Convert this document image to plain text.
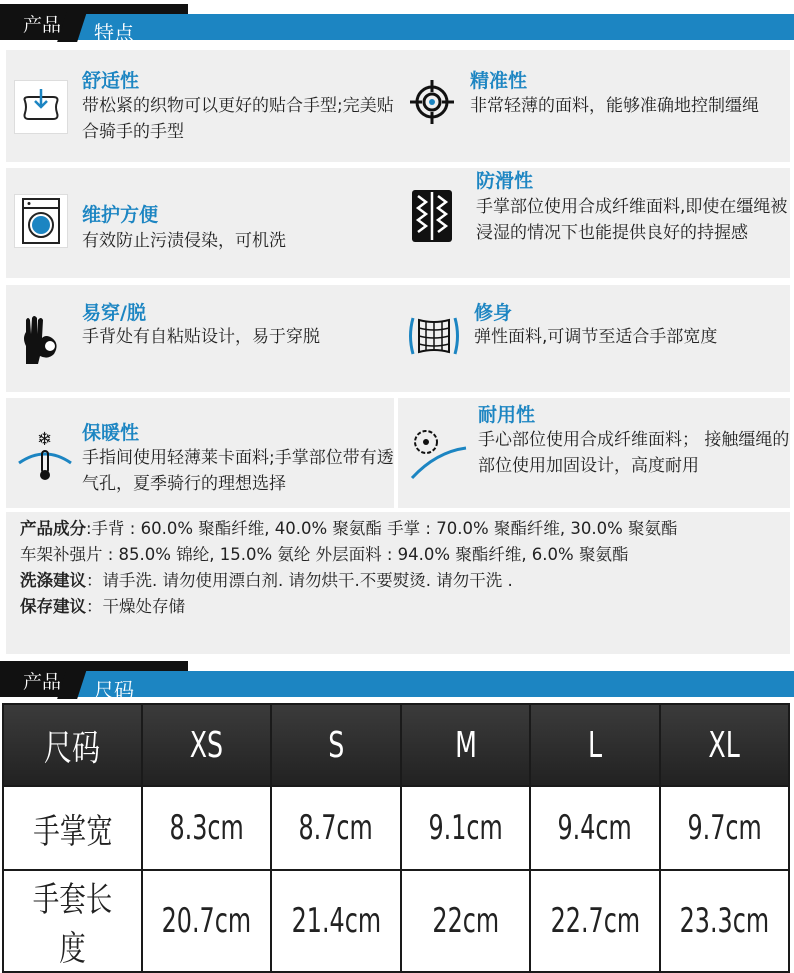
产品 特点
舒适性
带松紧的织物可以更好的贴合手型;完美贴合骑手的手型
精准性
非常轻薄的面料，能够准确地控制缰绳
维护方便
有效防止污渍侵染，可机洗
防滑性
手掌部位使用合成纤维面料,即使在缰绳被浸湿的情况下也能提供良好的持握感
易穿/脱
手背处有自粘贴设计，易于穿脱
修身
弹性面料,可调节至适合手部宽度
❄ 保暖性
手指间使用轻薄莱卡面料;手掌部位带有透气孔，夏季骑行的理想选择
耐用性
手心部位使用合成纤维面料； 接触缰绳的部位使用加固设计，高度耐用
产品成分:手背 : 60.0% 聚酯纤维, 40.0% 聚氨酯 手掌 : 70.0% 聚酯纤维, 30.0% 聚氨酯
车架补强片 : 85.0% 锦纶, 15.0% 氨纶 外层面料 : 94.0% 聚酯纤维, 6.0% 聚氨酯
洗涤建议：请手洗. 请勿使用漂白剂. 请勿烘干.不要熨烫. 请勿干洗 .
保存建议：干燥处存储
产品 尺码
尺码	XS	S	M	L	XL
手掌宽	8.3cm	8.7cm	9.1cm	9.4cm	9.7cm
手套长度	20.7cm	21.4cm	22cm	22.7cm	23.3cm
